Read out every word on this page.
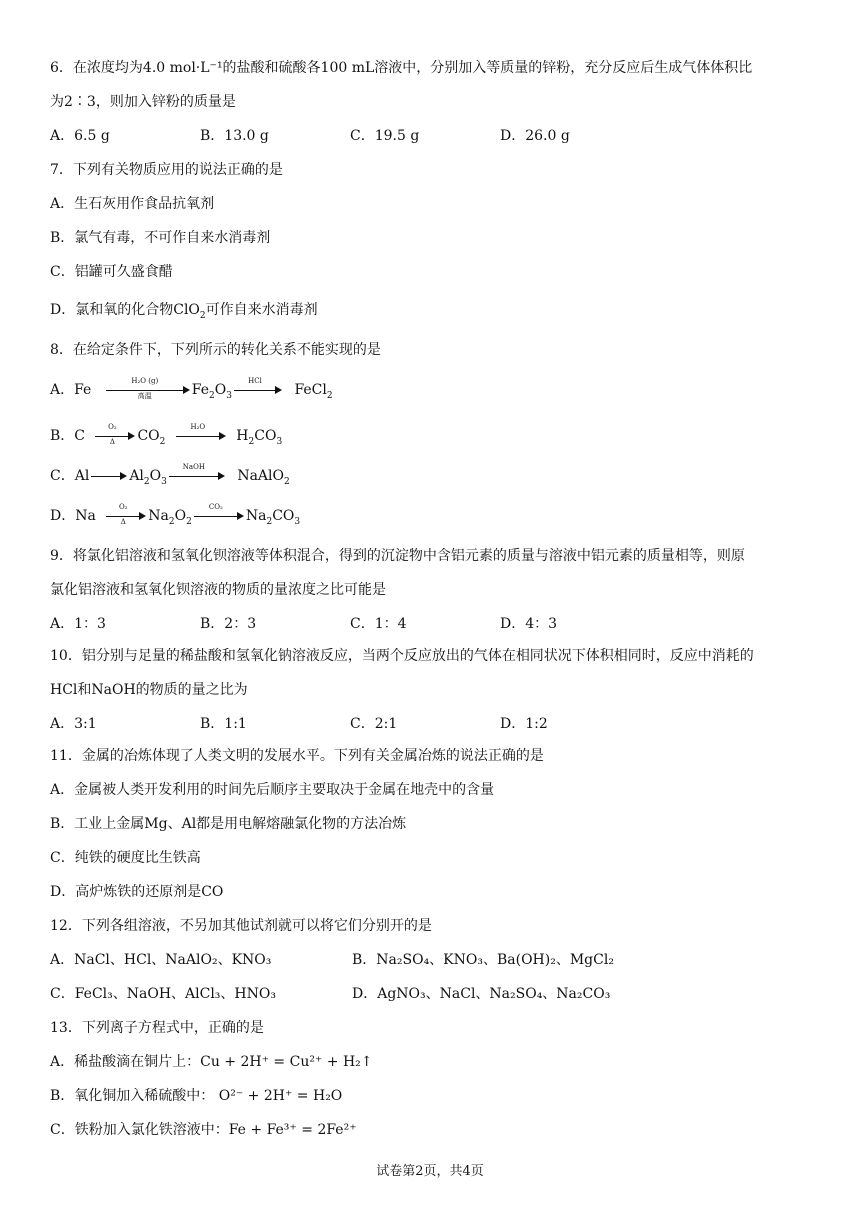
6．在浓度均为4.0 mol·L⁻¹的盐酸和硫酸各100 mL溶液中，分别加入等质量的锌粉，充分反应后生成气体体积比
为2∶3，则加入锌粉的质量是
A．6.5 g	B．13.0 g	C．19.5 g	D．26.0 g
7．下列有关物质应用的说法正确的是
A．生石灰用作食品抗氧剂
B．氯气有毒，不可作自来水消毒剂
C．铝罐可久盛食醋
D．氯和氧的化合物ClO$_2$可作自来水消毒剂
8．在给定条件下，下列所示的转化关系不能实现的是
A．Fe
H₂O (g)
高温	$Fe_2O_3$
HCl
FeCl$_2$
B．C $\frac{\text{O₂}}{\Delta} CO_2$
H₂O
$H_2CO_3$
C．Al	$Al_2O_3$
NaOH
NaAlO$_2$
D．Na $\frac{\text{O₂}}{\Delta} Na_2O_2$
CO₂
$Na_2CO_3$
9．将氯化铝溶液和氢氧化钡溶液等体积混合，得到的沉淀物中含铝元素的质量与溶液中铝元素的质量相等，则原
氯化铝溶液和氢氧化钡溶液的物质的量浓度之比可能是
A．1：3	B．2：3	C．1：4	D．4：3
10．铝分别与足量的稀盐酸和氢氧化钠溶液反应，当两个反应放出的气体在相同状况下体积相同时，反应中消耗的
HCl和NaOH的物质的量之比为
A．3:1	B．1:1	C．2:1	D．1:2
11．金属的冶炼体现了人类文明的发展水平。下列有关金属冶炼的说法正确的是
A．金属被人类开发利用的时间先后顺序主要取决于金属在地壳中的含量
B．工业上金属Mg、Al都是用电解熔融氯化物的方法冶炼
C．纯铁的硬度比生铁高
D．高炉炼铁的还原剂是CO
12．下列各组溶液，不另加其他试剂就可以将它们分别开的是
A．NaCl、HCl、NaAlO₂、KNO₃	B．Na₂SO₄、KNO₃、Ba(OH)₂、MgCl₂
C．FeCl₃、NaOH、AlCl₃、HNO₃	D．AgNO₃、NaCl、Na₂SO₄、Na₂CO₃
13．下列离子方程式中，正确的是
A．稀盐酸滴在铜片上：Cu + 2H⁺ = Cu²⁺ + H₂↑
B．氧化铜加入稀硫酸中： O²⁻ + 2H⁺ = H₂O
C．铁粉加入氯化铁溶液中：Fe + Fe³⁺ = 2Fe²⁺
试卷第2页，共4页
